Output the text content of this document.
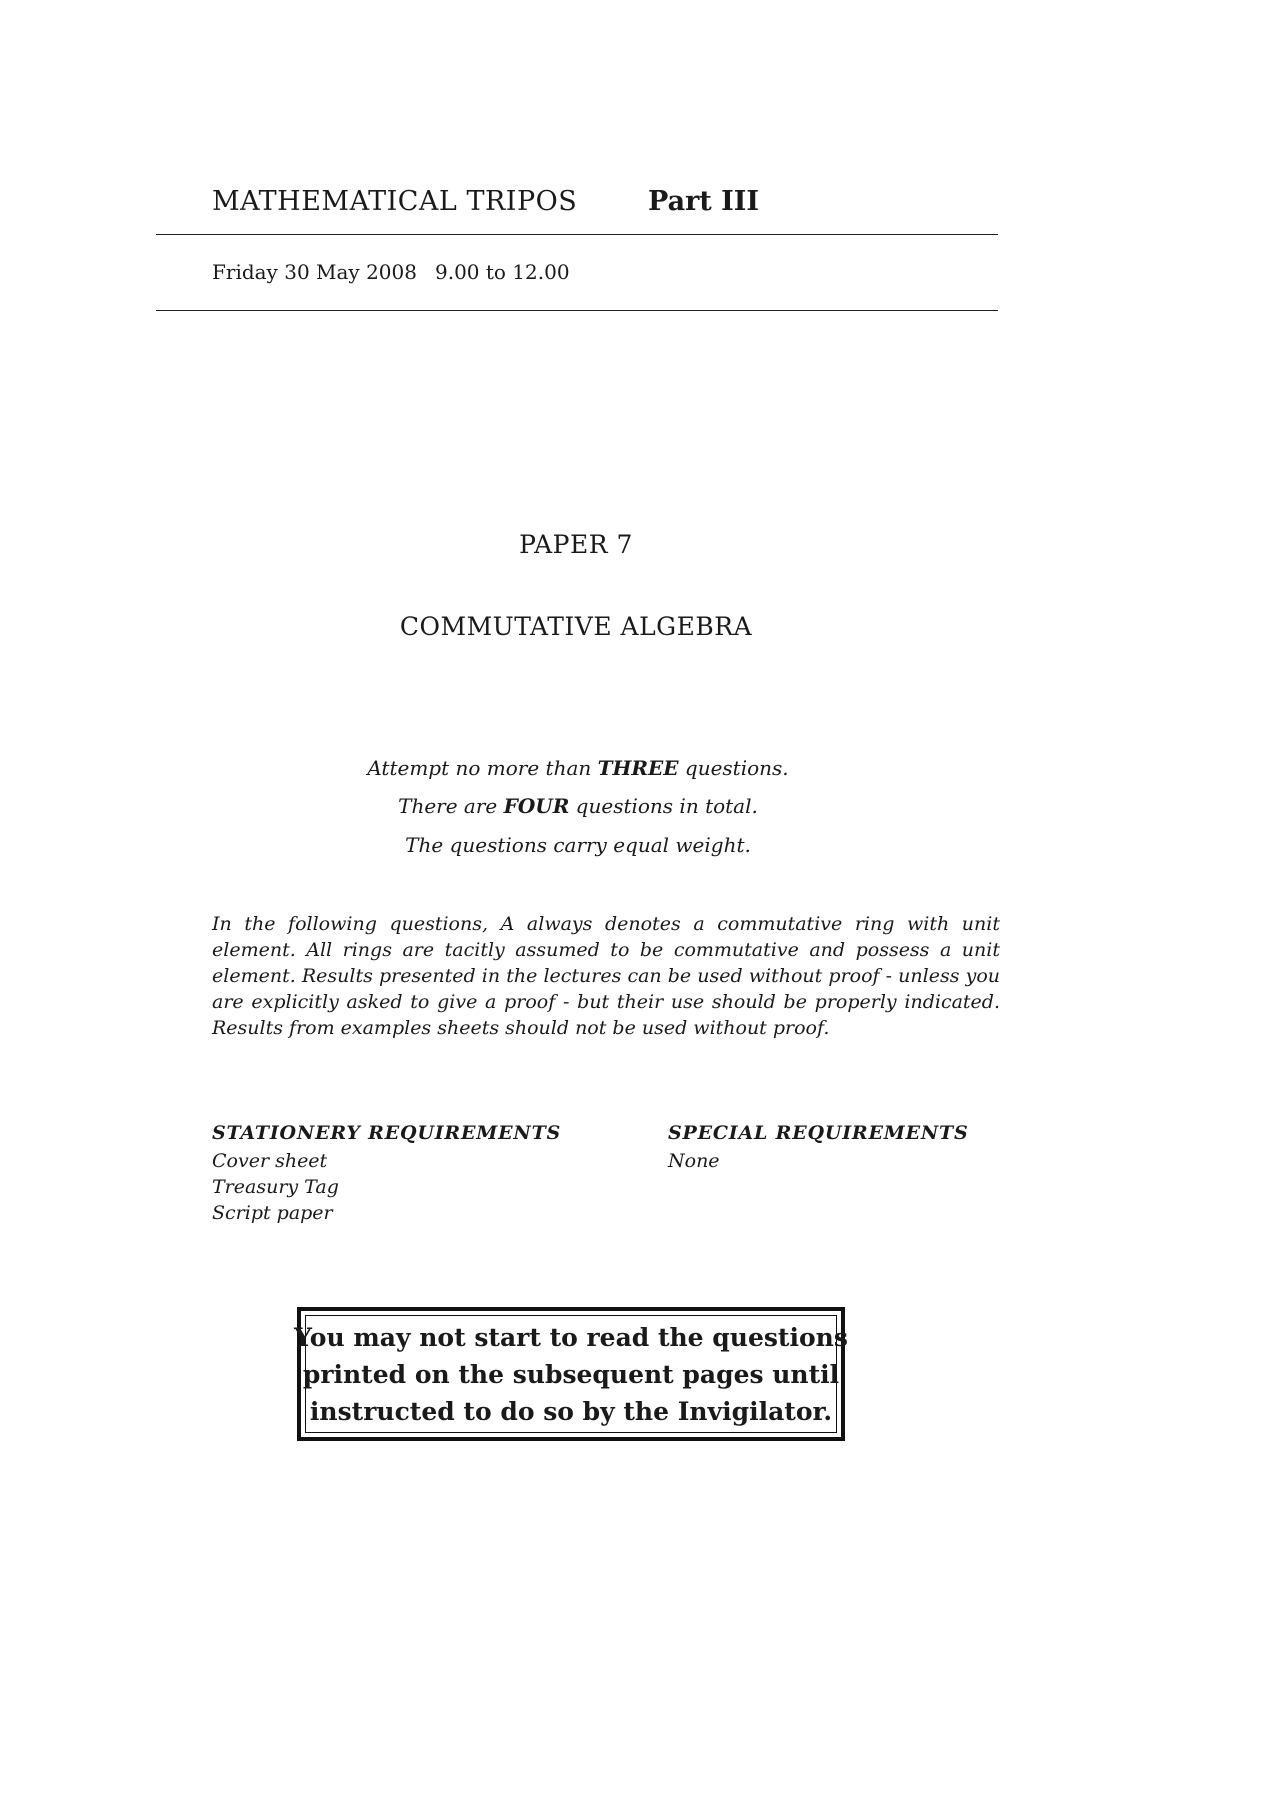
MATHEMATICAL TRIPOS	Part III
Friday 30 May 2008 9.00 to 12.00
PAPER 7
COMMUTATIVE ALGEBRA
Attempt no more than THREE questions.
There are FOUR questions in total.
The questions carry equal weight.
In the following questions, A always denotes a commutative ring with unit element. All rings are tacitly assumed to be commutative and possess a unit element. Results presented in the lectures can be used without proof - unless you are explicitly asked to give a proof - but their use should be properly indicated. Results from examples sheets should not be used without proof.
STATIONERY REQUIREMENTS
Cover sheet
Treasury Tag
Script paper
SPECIAL REQUIREMENTS
None
You may not start to read the questions
printed on the subsequent pages until
instructed to do so by the Invigilator.
